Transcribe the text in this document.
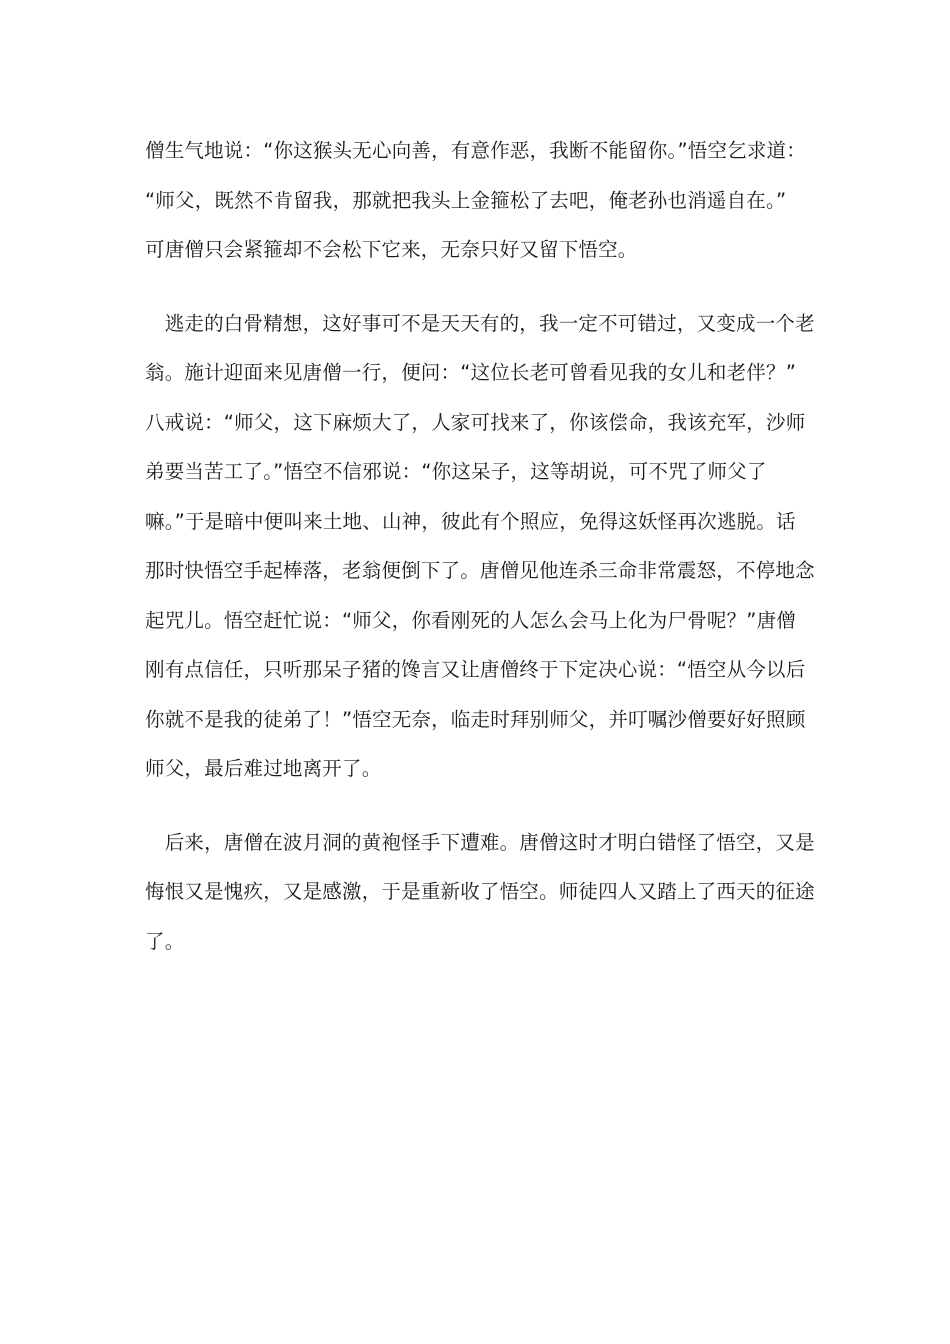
僧生气地说：“你这猴头无心向善，有意作恶，我断不能留你。”悟空乞求道：
“师父，既然不肯留我，那就把我头上金箍松了去吧，俺老孙也消遥自在。”
可唐僧只会紧箍却不会松下它来，无奈只好又留下悟空。

　逃走的白骨精想，这好事可不是天天有的，我一定不可错过，又变成一个老
翁。施计迎面来见唐僧一行，便问：“这位长老可曾看见我的女儿和老伴？”
八戒说：“师父，这下麻烦大了，人家可找来了，你该偿命，我该充军，沙师
弟要当苦工了。”悟空不信邪说：“你这呆子，这等胡说，可不咒了师父了
嘛。”于是暗中便叫来土地、山神，彼此有个照应，免得这妖怪再次逃脱。话
那时快悟空手起棒落，老翁便倒下了。唐僧见他连杀三命非常震怒，不停地念
起咒儿。悟空赶忙说：“师父，你看刚死的人怎么会马上化为尸骨呢？”唐僧
刚有点信任，只听那呆子猪的馋言又让唐僧终于下定决心说：“悟空从今以后
你就不是我的徒弟了！”悟空无奈，临走时拜别师父，并叮嘱沙僧要好好照顾
师父，最后难过地离开了。

　后来，唐僧在波月洞的黄袍怪手下遭难。唐僧这时才明白错怪了悟空，又是
悔恨又是愧疚，又是感激，于是重新收了悟空。师徒四人又踏上了西天的征途
了。
